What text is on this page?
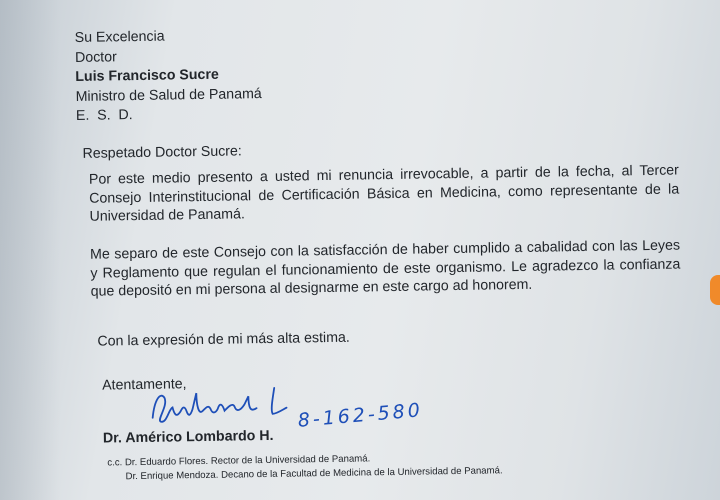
Su Excelencia
Doctor
Luis Francisco Sucre
Ministro de Salud de Panamá
E.  S.  D.
Respetado Doctor Sucre:

Por este medio presento a usted mi renuncia irrevocable, a partir de la fecha, al Tercer Consejo Interinstitucional de Certificación Básica en Medicina, como representante de la Universidad de Panamá.

Me separo de este Consejo con la satisfacción de haber cumplido a cabalidad con las Leyes y Reglamento que regulan el funcionamiento de este organismo. Le agradezco la confianza que depositó en mi persona al designarme en este cargo ad honorem.

Con la expresión de mi más alta estima.
Atentamente,
Dr. Américo Lombardo H.
8-162-580
c.c. Dr. Eduardo Flores. Rector de la Universidad de Panamá.
Dr. Enrique Mendoza. Decano de la Facultad de Medicina de la Universidad de Panamá.
